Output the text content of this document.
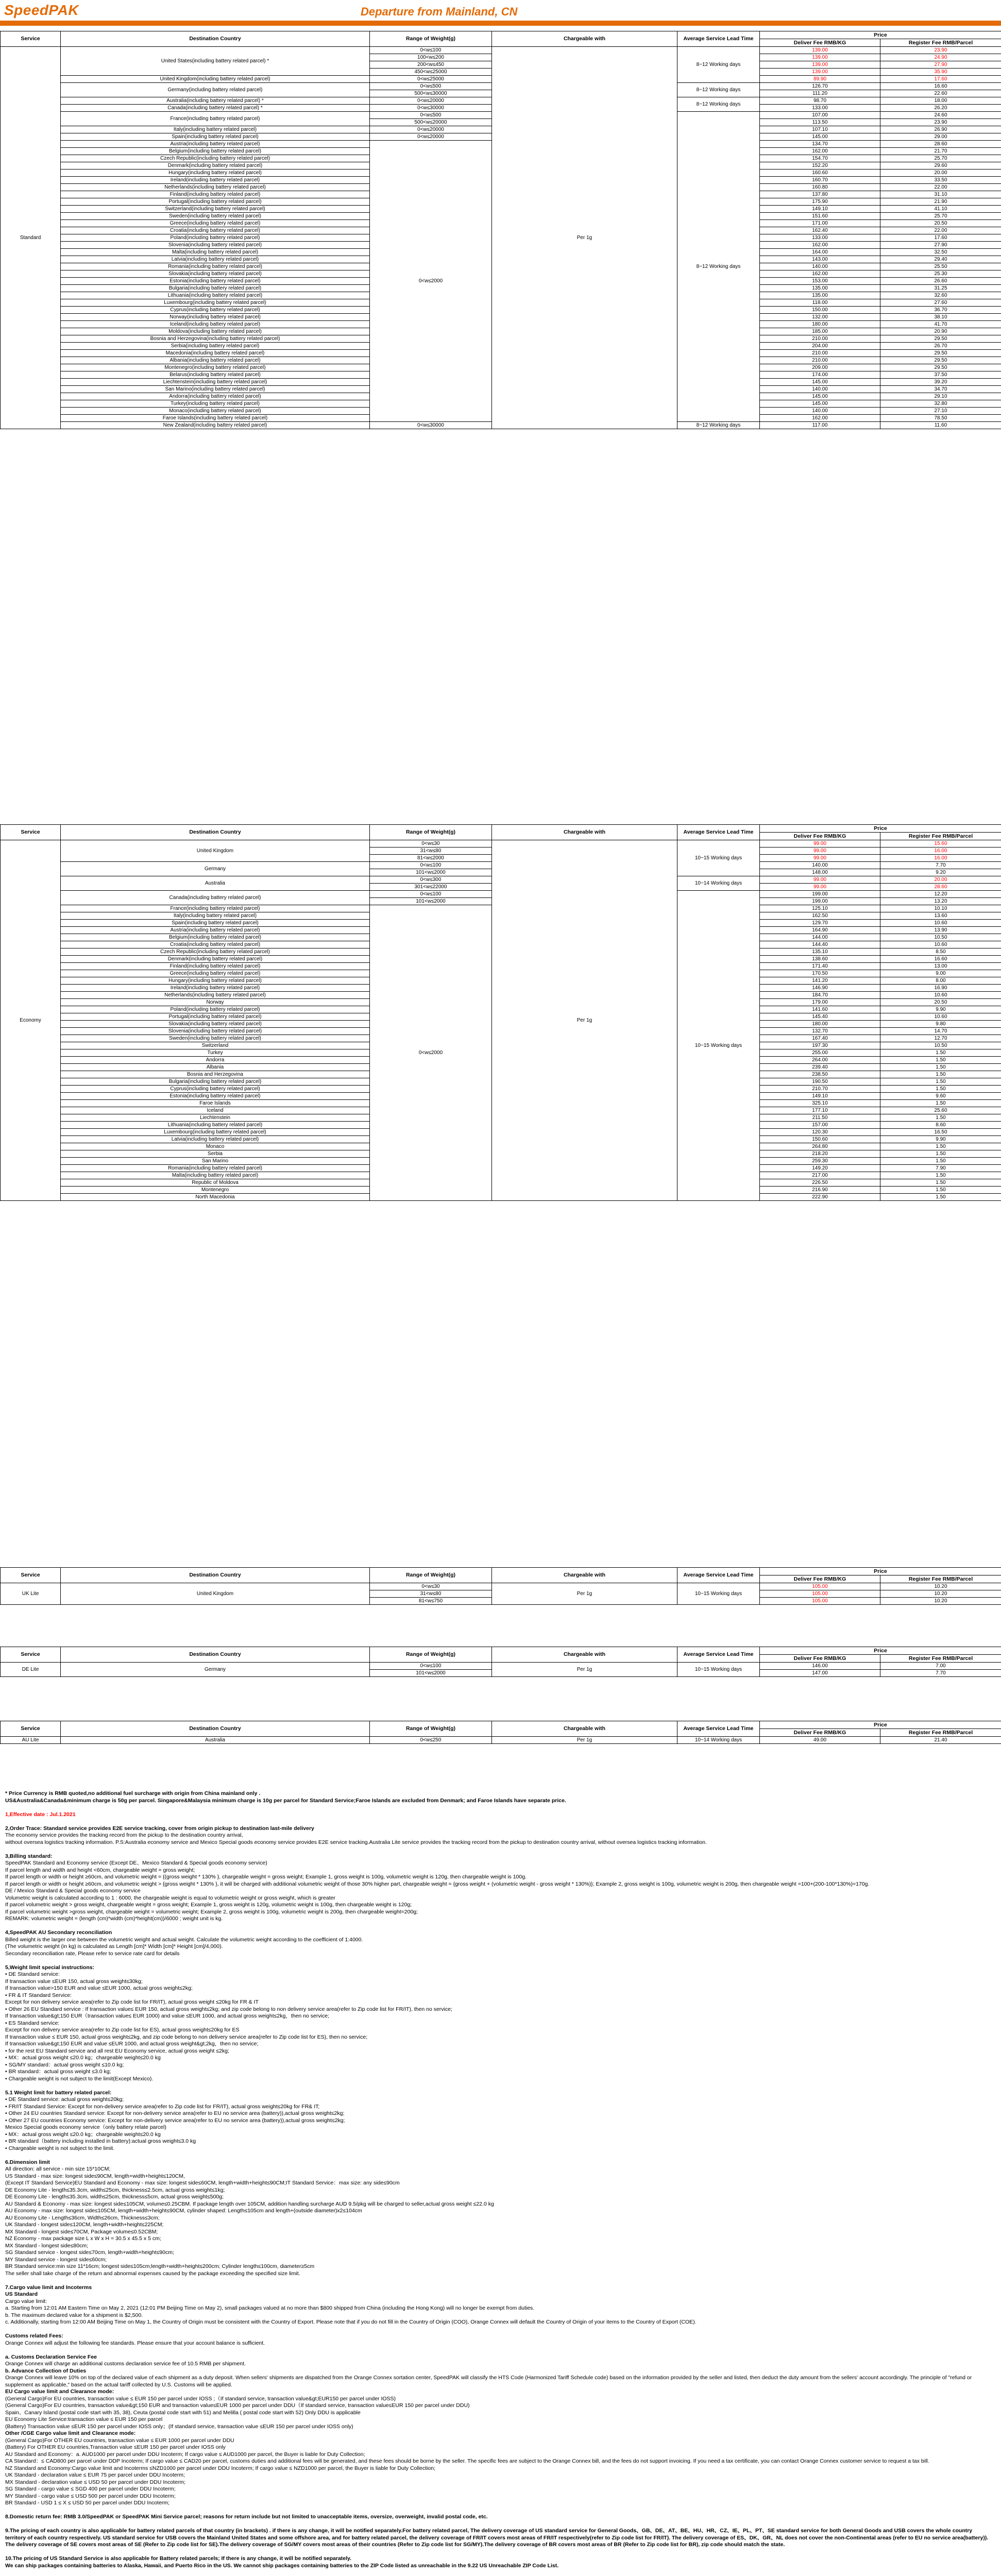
SpeedPAK	Departure from Mainland, CN
Service	Destination Country	Range of Weight(g)	Chargeable with	Average Service Lead Time	Price	
					Deliver Fee RMB/KG	Register Fee RMB/Parcel
Standard	United States(including battery related parcel) *	0<w≤100	Per 1g	8~12 Working days	139.00	23.90
		100<w≤200			139.00	24.90
		200<w≤450			139.00	27.90
		450<w≤25000			139.00	35.90
	United Kingdom(including battery related parcel)	0<w≤25000			89.90	17.60
	Germany(including battery related parcel)	0<w≤500		8~12 Working days	126.70	16.60
		500<w≤30000			111.20	22.60
	Australia(including battery related parcel) *	0<w≤20000		8~12 Working days	98.70	18.00
	Canada(including battery related parcel) *	0<w≤30000			133.00	26.20
	France(including battery related parcel)	0<w≤500		8~12 Working days	107.00	24.60
		500<w≤20000			113.50	23.90
	Italy(including battery related parcel)	0<w≤20000			107.10	26.90
	Spain(including battery related parcel)	0<w≤20000			145.00	29.00
	Austria(including battery related parcel)	0<w≤2000			134.70	28.60
	Belgium(including battery related parcel)				162.00	21.70
	Czech Republic(including battery related parcel)				154.70	25.70
	Denmark(including battery related parcel)				152.20	29.60
	Hungary(including battery related parcel)				160.60	20.00
	Ireland(including battery related parcel)				160.70	33.50
	Netherlands(including battery related parcel)				160.80	22.00
	Finland(including battery related parcel)				137.80	31.10
	Portugal(including battery related parcel)				175.90	21.90
	Switzerland(including battery related parcel)				149.10	41.10
	Sweden(including battery related parcel)				151.60	25.70
	Greece(including battery related parcel)				171.00	20.50
	Croatia(including battery related parcel)				162.40	22.00
	Poland(including battery related parcel)				133.00	17.60
	Slovenia(including battery related parcel)				162.00	27.90
	Malta(including battery related parcel)				164.00	32.50
	Latvia(including battery related parcel)				143.00	29.40
	Romania(including battery related parcel)				140.00	25.50
	Slovakia(including battery related parcel)				162.00	25.30
	Estonia(including battery related parcel)				153.00	26.60
	Bulgaria(including battery related parcel)				135.00	31.25
	Lithuania(including battery related parcel)				135.00	32.60
	Luxembourg(including battery related parcel)				118.00	27.60
	Cyprus(including battery related parcel)				150.00	36.70
	Norway(including battery related parcel)				132.00	38.10
	Iceland(including battery related parcel)				180.00	41.70
	Moldova(including battery related parcel)				185.00	20.90
	Bosnia and Herzegovina(including battery related parcel)				210.00	29.50
	Serbia(including battery related parcel)				204.00	26.70
	Macedonia(including battery related parcel)				210.00	29.50
	Albania(including battery related parcel)				210.00	29.50
	Montenegro(including battery related parcel)				209.00	29.50
	Belarus(including battery related parcel)				174.00	37.50
	Liechtenstein(including battery related parcel)				145.00	39.20
	San Marino(including battery related parcel)				140.00	34.70
	Andorra(including battery related parcel)				145.00	29.10
	Turkey(including battery related parcel)				145.00	32.80
	Monaco(including battery related parcel)				140.00	27.10
	Faroe Islands(including battery related parcel)				162.00	78.50
	New Zealand(including battery related parcel)	0<w≤30000		8~12 Working days	117.00	11.60
Service	Destination Country	Range of Weight(g)	Chargeable with	Average Service Lead Time	Price	
					Deliver Fee RMB/KG	Register Fee RMB/Parcel
Economy	United Kingdom	0<w≤30	Per 1g	10~15 Working days	99.00	15.60
		31<w≤80			99.00	16.00
		81<w≤2000			99.00	16.00
	Germany	0<w≤100			140.00	7.70
		101<w≤2000			148.00	9.20
	Australia	0<w≤300		10~14 Working days	99.00	20.00
		301<w≤22000			99.00	28.60
	Canada(including battery related parcel)	0<w≤100		10~15 Working days	199.00	12.20
		101<w≤2000			199.00	13.20
	France(including battery related parcel)	0<w≤2000			125.10	10.10
	Italy(including battery related parcel)				162.50	13.60
	Spain(including battery related parcel)				129.70	10.60
	Austria(including battery related parcel)				164.90	13.90
	Belgium(including battery related parcel)				144.00	10.50
	Croatia(including battery related parcel)				144.40	10.60
	Czech Republic(including battery related parcel)				135.10	8.50
	Denmark(including battery related parcel)				138.60	16.60
	Finland(including battery related parcel)				171.40	13.00
	Greece(including battery related parcel)				170.50	9.00
	Hungary(including battery related parcel)				141.20	8.00
	Ireland(including battery related parcel)				146.90	16.90
	Netherlands(including battery related parcel)				184.70	10.60
	Norway				179.00	20.50
	Poland(including battery related parcel)				141.60	9.90
	Portugal(including battery related parcel)				145.40	10.60
	Slovakia(including battery related parcel)				180.00	9.80
	Slovenia(including battery related parcel)				132.70	14.70
	Sweden(including battery related parcel)				167.40	12.70
	Switzerland				197.30	10.50
	Turkey				255.00	1.50
	Andorra				264.00	1.50
	Albania				239.40	1.50
	Bosnia and Herzegovina				238.50	1.50
	Bulgaria(including battery related parcel)				190.50	1.50
	Cyprus(including battery related parcel)				210.70	1.50
	Estonia(including battery related parcel)				149.10	9.60
	Faroe Islands				325.10	1.50
	Iceland				177.10	25.60
	Liechtenstein				211.50	1.50
	Lithuania(including battery related parcel)				157.00	8.60
	Luxembourg(including battery related parcel)				120.30	16.50
	Latvia(including battery related parcel)				150.60	9.90
	Monaco				264.80	1.50
	Serbia				218.20	1.50
	San Marino				259.30	1.50
	Romania(including battery related parcel)				149.20	7.90
	Malta(including battery related parcel)				217.00	1.50
	Republic of Moldova				226.50	1.50
	Montenegro				216.90	1.50
	North Macedonia				222.90	1.50
Service	Destination Country	Range of Weight(g)	Chargeable with	Average Service Lead Time	Price	
					Deliver Fee RMB/KG	Register Fee RMB/Parcel
UK Lite	United Kingdom	0<w≤30	Per 1g	10~15 Working days	105.00	10.20
		31<w≤80			105.00	10.20
		81<w≤750			105.00	10.20
Service	Destination Country	Range of Weight(g)	Chargeable with	Average Service Lead Time	Price	
					Deliver Fee RMB/KG	Register Fee RMB/Parcel
DE Lite	Germany	0<w≤100	Per 1g	10~15 Working days	146.00	7.00
		101<w≤2000			147.00	7.70
Service	Destination Country	Range of Weight(g)	Chargeable with	Average Service Lead Time	Price	
					Deliver Fee RMB/KG	Register Fee RMB/Parcel
AU Lite	Australia	0<w≤250	Per 1g	10~14 Working days	49.00	21.40

* Price Currency is RMB quoted,no additional fuel surcharge with origin from China mainland only .

US&Australia&Canada&minimum charge is 50g per parcel. Singapore&Malaysia minimum charge is 10g per parcel for Standard Service;Faroe Islands are excluded from Denmark; and Faroe Islands have separate price.

1,Effective date : Jul.1.2021

2,Order Trace: Standard service provides E2E service tracking, cover from origin pickup to destination last-mile delivery

The economy service provides the tracking record from the pickup to the destination country arrival,

without oversea logistics tracking information. P.S:Australia economy service and Mexico Special goods economy service provides E2E service tracking.Australia Lite service provides the tracking record from the pickup to destination country arrival, without oversea logistics tracking information.

3,Billing standard:

SpeedPAK Standard and Economy service (Except DE、Mexico Standard & Special goods economy service)

If parcel length and width and height <60cm, chargeable weight = gross weight;

If parcel length or width or height ≥60cm, and volumetric weight = {(gross weight * 130% }, chargeable weight = gross weight; Example 1, gross weight is 100g, volumetric weight is 120g, then chargeable weight is 100g.

If parcel length or width or height ≥60cm, and volumetric weight > {gross weight * 130% }, it will be charged with additional volumetric weight of those 30% higher part, chargeable weight = {gross weight + (volumetric weight - gross weight * 130%)}; Example 2, gross weight is 100g, volumetric weight is 200g, then chargeable weight =100+(200-100*130%)=170g.

DE / Mexico Standard & Special goods economy service

Volumetric weight is calculated according to 1 : 6000, the chargeable weight is equal to volumetric weight or gross weight, which is greater

If parcel volumetric weight > gross weight, chargeable weight = gross weight; Example 1, gross weight is 120g, volumetric weight is 100g, then chargeable weight is 120g;

If parcel volumetric weight >gross weight, chargeable weight = volumetric weight; Example 2, gross weight is 100g, volumetric weight is 200g, then chargeable weight=200g;

REMARK: volumetric weight = (length (cm)*width (cm)*height(cm))/6000 ; weight unit is kg.

4,SpeedPAK AU Secondary reconciliation

Billed weight is the larger one between the volumetric weight and actual weight. Calculate the volumetric weight according to the coefficient of 1:4000.

(The volumetric weight (in kg) is calculated as Length [cm]* Width [cm]* Height [cm]/4,000).

Secondary reconciliation rate, Please refer to service rate card for details

5,Weight limit special instructions:

• DE Standard service:

If transaction value ≤EUR 150, actual gross weight≤30kg;

If transaction value>150 EUR and value ≤EUR 1000, actual gross weight≤2kg;

• FR & IT Standard Service:

Except for non delivery service area(refer to Zip code list for FR/IT), actual gross weight ≤20kg for FR & IT

• Other 26 EU Standard service : If transaction value≤ EUR 150, actual gross weight≤2kg; and zip code belong to non delivery service area(refer to Zip code list for FR/IT), then no service;

If transaction value&gt;150 EUR（transaction value≤ EUR 1000) and value ≤EUR 1000, and actual gross weight≤2kg，then no service;

• ES Standard service:

Except for non delivery service area(refer to Zip code list for ES), actual gross weight≤20kg for ES

If transaction value ≤ EUR 150, actual gross weight≤2kg, and zip code belong to non delivery service area(refer to Zip code list for ES), then no service;

If transaction value&gt;150 EUR and value ≤EUR 1000, and actual gross weight&gt;2kg，then no service;

• for the rest EU Standard service and all rest EU Economy service, actual gross weight ≤2kg;

• MX：actual gross weight ≤20.0 kg；chargeable weight≤20.0 kg

• SG/MY standard：actual gross weight ≤10.0 kg;

• BR standard：actual gross weight ≤3.0 kg;

• Chargeable weight is not subject to the limit(Except Mexico).

5.1 Weight limit for battery related parcel:

• DE Standard service: actual gross weight≤20kg;

• FR/IT Standard Service: Except for non-delivery service area(refer to Zip code list for FR/IT), actual gross weight≤20kg for FR& IT;

• Other 24 EU countries Standard service: Except for non-delivery service area(refer to EU no service area (battery)),actual gross weight≤2kg;

• Other 27 EU countries Economy service: Except for non-delivery service area(refer to EU no service area (battery)),actual gross weight≤2kg;

Mexico Special goods economy service（only battery relate parcel)

• MX：actual gross weight ≤20.0 kg；chargeable weight≤20.0 kg

• BR standard（battery including installed in battery):actual gross weight≤3.0 kg

• Chargeable weight is not subject to the limit.

6.Dimension limit

All direction: all service - min size 15*10CM;

US Standard - max size: longest side≤90CM, length+width+height≤120CM,

(Except IT Standard Service)EU Standard and Economy - max size: longest side≤60CM, length+width+height≤90CM;IT Standard Service：max size: any side≤90cm

DE Economy Lite - length≤35.3cm, width≤25cm, thickness≤2.5cm, actual gross weight≤1kg;

DE Economy Lite - length≤35.3cm, width≤25cm, thickness≤5cm, actual gross weight≤500g;

AU Standard & Economy - max size: longest side≤105CM, volume≤0.25CBM. If package length over 105CM, addition handling surcharge AUD 9.5/pkg will be charged to seller,actual gross weight ≤22.0 kg

AU Economy - max size: longest side≤105CM, length+width+height≤90CM, cylinder shaped: Length≤105cm and length+(outside diameter)x2≤104cm

AU Economy Lite - Length≤36cm, Width≤26cm, Thickness≤3cm;

UK Standard - longest side≤120CM, length+width+height≤225CM;

MX Standard - longest side≤70CM, Package volume≤0.52CBM;

NZ Economy - max package size L x W x H = 30.5 x 45.5 x 5 cm;

MX Standard - longest side≤80cm;

SG Standard service - longest side≤70cm, length+width+height≤90cm;

MY Standard service - longest side≤60cm;

BR Standard service:min size 11*16cm; longest side≤105cm;length+width+height≤200cm; Cylinder length≤100cm, diameter≥5cm

The seller shall take charge of the return and abnormal expenses caused by the package exceeding the specified size limit.

7.Cargo value limit and Incoterms

US Standard

Cargo value limit:

a. Starting from 12:01 AM Eastern Time on May 2, 2021 (12:01 PM Beijing Time on May 2), small packages valued at no more than $800 shipped from China (including the Hong Kong) will no longer be exempt from duties.

b. The maximum declared value for a shipment is $2,500.

c. Additionally, starting from 12:00 AM Beijing Time on May 1, the Country of Origin must be consistent with the Country of Export. Please note that if you do not fill in the Country of Origin (COO), Orange Connex will default the Country of Origin of your items to the Country of Export (COE).

Customs related Fees:

Orange Connex will adjust the following fee standards. Please ensure that your account balance is sufficient.

a. Customs Declaration Service Fee

Orange Connex will charge an additional customs declaration service fee of 10.5 RMB per shipment.

b. Advance Collection of Duties

Orange Connex will leave 10% on top of the declared value of each shipment as a duty deposit. When sellers' shipments are dispatched from the Orange Connex sortation center, SpeedPAK will classify the HTS Code (Harmonized Tariff Schedule code) based on the information provided by the seller and listed, then deduct the duty amount from the sellers' account accordingly. The principle of "refund or supplement as applicable," based on the actual tariff collected by U.S. Customs will be applied.

EU Cargo value limit and Clearance mode:

(General Cargo)For EU countries, transaction value ≤ EUR 150 per parcel under IOSS ;（If standard service, transaction value&gt;EUR150 per parcel under IOSS)

(General Cargo)For EU countries, transaction value&gt;150 EUR and transaction value≤EUR 1000 per parcel under DDU（If standard service, transaction value≤EUR 150 per parcel under DDU)

Spain、Canary Island (postal code start with 35, 38), Ceuta (postal code start with 51) and Melilla ( postal code start with 52) Only DDU is applicable

EU Economy Lite Service:transaction value ≤ EUR 150 per parcel

(Battery) Transaction value ≤EUR 150 per parcel under IOSS only；(If standard service, transaction value ≤EUR 150 per parcel under IOSS only)

Other /CGE Cargo value limit and Clearance mode:

(General Cargo)For OTHER EU countries, transaction value ≤ EUR 1000 per parcel under DDU

(Battery) For OTHER EU countries,Transaction value ≤EUR 150 per parcel under IOSS only

AU Standard and Economy：a. AUD1000 per parcel under DDU Incoterm; If cargo value ≤ AUD1000 per parcel, the Buyer is liable for Duty Collection;

CA Standard：≤ CAD800 per parcel under DDP Incoterm; If cargo value ≤ CAD20 per parcel, customs duties and additional fees will be generated, and these fees should be borne by the seller. The specific fees are subject to the Orange Connex bill, and the fees do not support invoicing. If you need a tax certificate, you can contact Orange Connex customer service to request a tax bill.

NZ Standard and Economy:Cargo value limit and Incoterms ≤NZD1000 per parcel under DDU Incoterm; If cargo value ≤ NZD1000 per parcel, the Buyer is liable for Duty Collection;

UK Standard - declaration value ≤ EUR 75 per parcel under DDU Incoterm;

MX Standard - declaration value ≤ USD 50 per parcel under DDU Incoterm;

SG Standard - cargo value ≤ SGD 400 per parcel under DDU Incoterm;

MY Standard - cargo value ≤ USD 500 per parcel under DDU Incoterm;

BR Standard - USD 1 ≤ X ≤ USD 50 per parcel under DDU Incoterm;

8.Domestic return fee: RMB 3.0/SpeedPAK or SpeedPAK Mini Service parcel; reasons for return include but not limited to unacceptable items, oversize, overweight, invalid postal code, etc.

9.The pricing of each country is also applicable for battery related parcels of that country (in brackets) . if there is any change, it will be notified separately.For battery related parcel, The delivery coverage of US standard service for General Goods、GB、DE、AT、BE、HU、HR、CZ、IE、PL、PT、SE standard service for both General Goods and USB covers the whole country territory of each country respectively. US standard service for USB covers the Mainland United States and some offshore area, and for battery related parcel, the delivery coverage of FR/IT covers most areas of FR/IT respectively(refer to Zip code list for FR/IT). The delivery coverage of ES、DK、GR、NL does not cover the non-Continental areas (refer to EU no service area(battery)). The delivery coverage of SE covers most areas of SE (Refer to Zip code list for SE).The delivery coverage of SG/MY covers most areas of their countries (Refer to Zip code list for SG/MY).The delivery coverage of BR covers most areas of BR (Refer to Zip code list for BR), zip code should match the state.

10.The pricing of US Standard Service is also applicable for Battery related parcels; If there is any change, it will be notified separately.

We can ship packages containing batteries to Alaska, Hawaii, and Puerto Rico in the US. We cannot ship packages containing batteries to the ZIP Code listed as unreachable in the 9.22 US Unreachable ZIP Code List.
